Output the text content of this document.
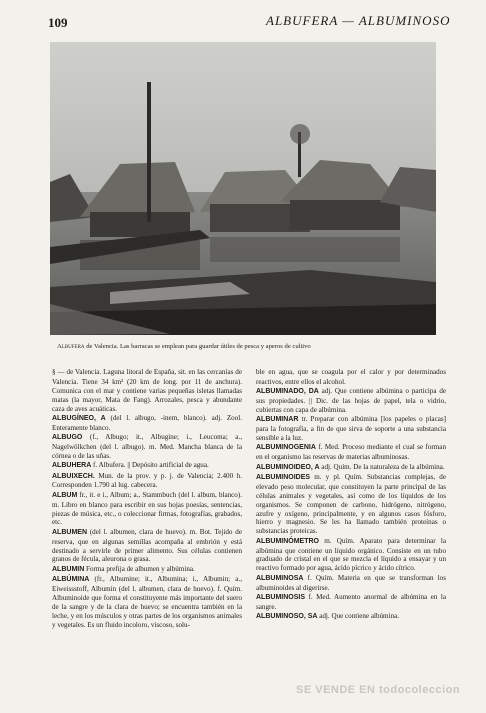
109	ALBUFERA — ALBUMINOSO
Albufera de Valencia. Las barracas se emplean para guardar útiles de pesca y aperos de cultivo

§ — de Valencia. Laguna litoral de España, sit. en las cercanías de Valencia. Tiene 34 km² (20 km de long. por 11 de anchura). Comunica con el mar y contiene varias pequeñas isletas llamadas matas (la mayor, Mata de Fang). Arrozales, pesca y abundante caza de aves acuáticas.

ALBUGÍNEO, A (del l. albugo, -inem, blanco). adj. Zool. Enteramente blanco.

ALBUGO (f., Albugo; it., Albugine; i., Leucoma; a., Nagelwölkchen (del l. albugo). m. Med. Mancha blanca de la córnea o de las uñas.

ALBUHERA f. Albufera. || Depósito artificial de agua.

ALBUIXECH. Mun. de la prov. y p. j. de Valencia; 2.400 h. Corresponden 1.790 al lug. cabecera.

ALBUM fr., it. e i., Album; a., Stammbuch (del l. album, blanco). m. Libro en blanco para escribir en sus hojas poesías, sentencias, piezas de música, etc., o coleccionar firmas, fotografías, grabados, etc.

ALBUMEN (del l. albumen, clara de huevo). m. Bot. Tejido de reserva, que en algunas semillas acompaña al embrión y está destinado a servirle de primer alimento. Sus células contienen granos de fécula, aleurona o grasa.

ALBUMIN Forma prefija de albumen y albúmina.

ALBÚMINA (fr., Albumine; it., Albumina; i., Albumin; a., Eiweissstoff, Albumin (del l. albumen, clara de huevo). f. Quím. Albuminoide que forma el constituyente más importante del suero de la sangre y de la clara de huevo; se encuentra también en la leche, y en los músculos y otras partes de los organismos animales y vegetales. Es un fluido incoloro, viscoso, solu-

ble en agua, que se coagula por el calor y por determinados reactivos, entre ellos el alcohol.

ALBUMINADO, DA adj. Que contiene albúmina o participa de sus propiedades. || Dic. de las hojas de papel, tela o vidrio, cubiertas con capa de albúmina.

ALBUMINAR tr. Preparar con albúmina [los papeles o placas] para la fotografía, a fin de que sirva de soporte a una substancia sensible a la luz.

ALBUMINOGENIA f. Med. Proceso mediante el cual se forman en el organismo las reservas de materias albuminosas.

ALBUMINOIDEO, A adj. Quím. De la naturaleza de la albúmina.

ALBUMINOIDES m. y pl. Quím. Substancias complejas, de elevado peso molecular, que constituyen la parte principal de las células animales y vegetales, así como de los líquidos de los organismos. Se componen de carbono, hidrógeno, nitrógeno, azufre y oxígeno, principalmente, y en algunos casos fósforo, hierro y magnesio. Se les ha llamado también proteínas o substancias proteicas.

ALBUMINÓMETRO m. Quím. Aparato para determinar la albúmina que contiene un líquido orgánico. Consiste en un tubo graduado de cristal en el que se mezcla el líquido a ensayar y un reactivo formado por agua, ácido pícrico y ácido cítrico.

ALBUMINOSA f. Quím. Materia en que se transforman los albuminoides al digerirse.

ALBUMINOSIS f. Med. Aumento anormal de albúmina en la sangre.

ALBUMINOSO, SA adj. Que contiene albúmina.

SE VENDE EN todocoleccion
